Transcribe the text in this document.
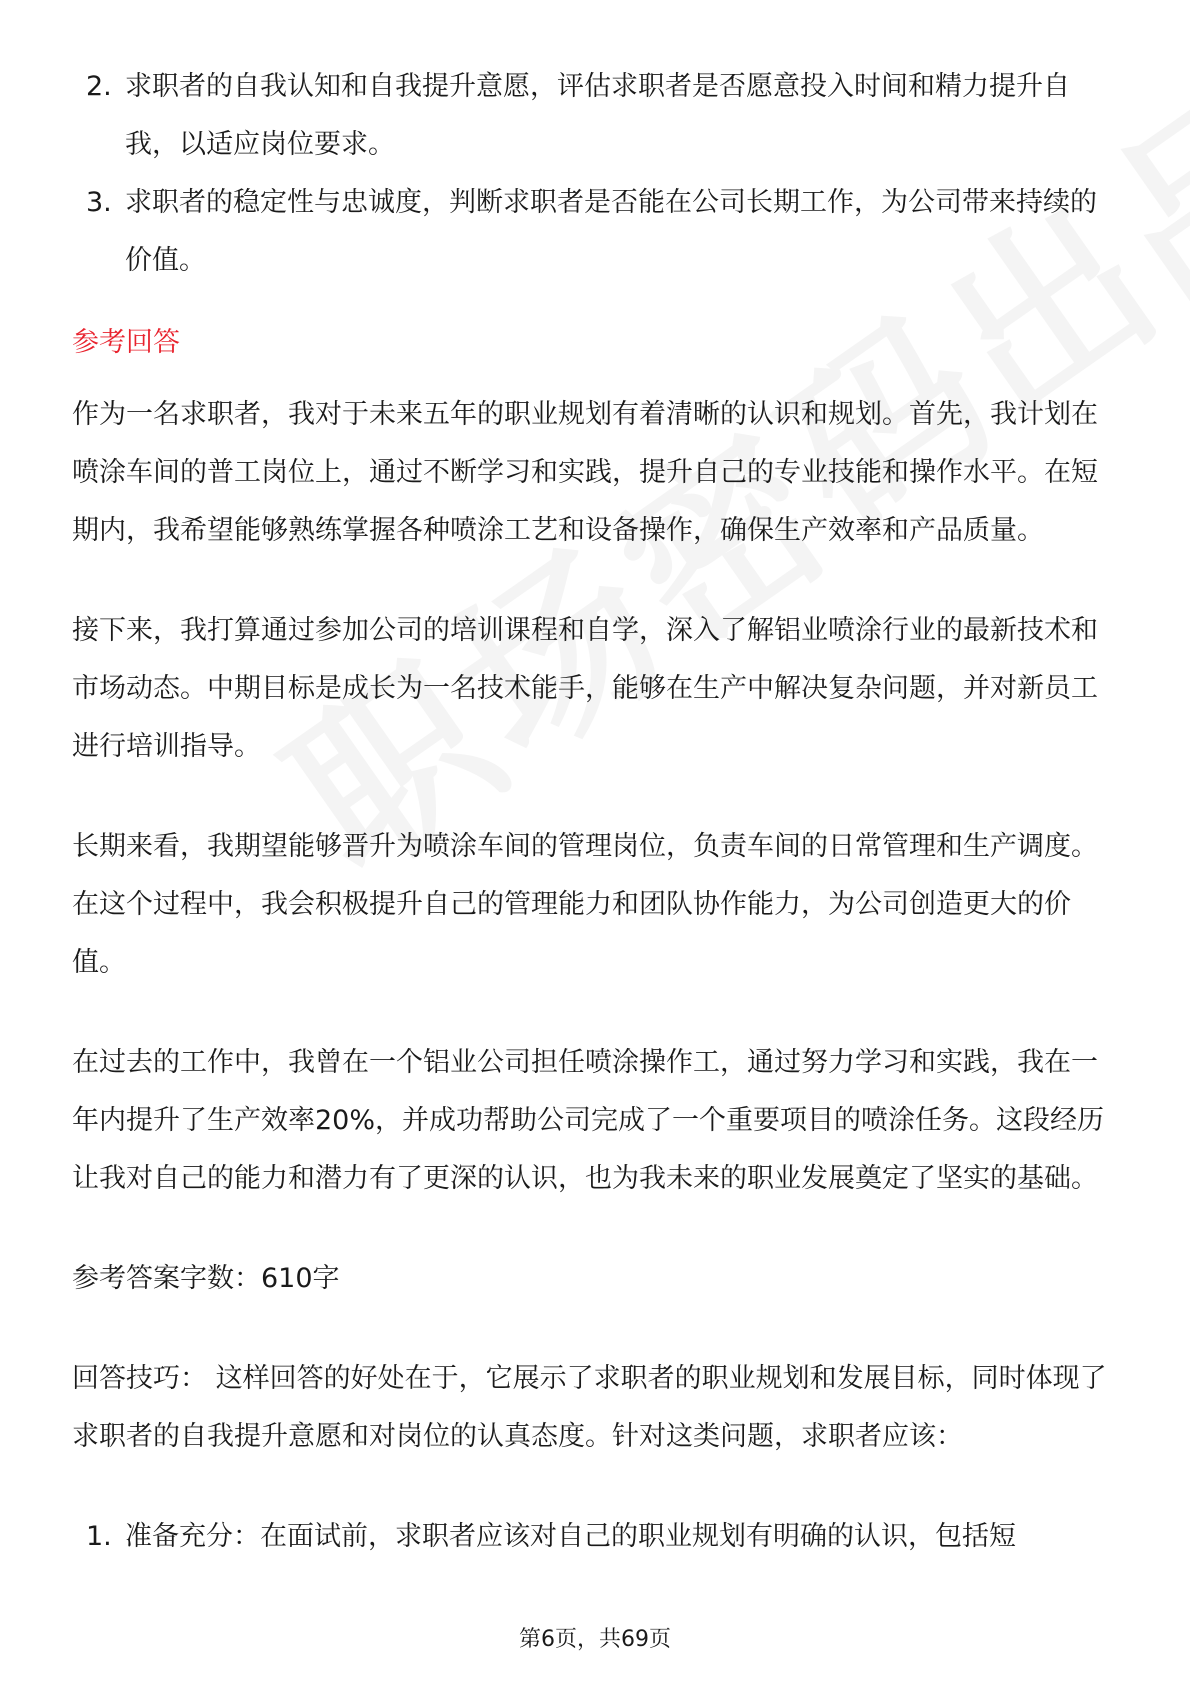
2. 求职者的自我认知和自我提升意愿，评估求职者是否愿意投入时间和精力提升自我，以适应岗位要求。
3. 求职者的稳定性与忠诚度，判断求职者是否能在公司长期工作，为公司带来持续的价值。
参考回答

作为一名求职者，我对于未来五年的职业规划有着清晰的认识和规划。首先，我计划在喷涂车间的普工岗位上，通过不断学习和实践，提升自己的专业技能和操作水平。在短期内，我希望能够熟练掌握各种喷涂工艺和设备操作，确保生产效率和产品质量。

接下来，我打算通过参加公司的培训课程和自学，深入了解铝业喷涂行业的最新技术和市场动态。中期目标是成长为一名技术能手，能够在生产中解决复杂问题，并对新员工进行培训指导。

长期来看，我期望能够晋升为喷涂车间的管理岗位，负责车间的日常管理和生产调度。在这个过程中，我会积极提升自己的管理能力和团队协作能力，为公司创造更大的价值。

在过去的工作中，我曾在一个铝业公司担任喷涂操作工，通过努力学习和实践，我在一年内提升了生产效率20%，并成功帮助公司完成了一个重要项目的喷涂任务。这段经历让我对自己的能力和潜力有了更深的认识，也为我未来的职业发展奠定了坚实的基础。

参考答案字数：610字

回答技巧： 这样回答的好处在于，它展示了求职者的职业规划和发展目标，同时体现了求职者的自我提升意愿和对岗位的认真态度。针对这类问题，求职者应该：

1. 准备充分：在面试前，求职者应该对自己的职业规划有明确的认识，包括短
第6页，共69页
